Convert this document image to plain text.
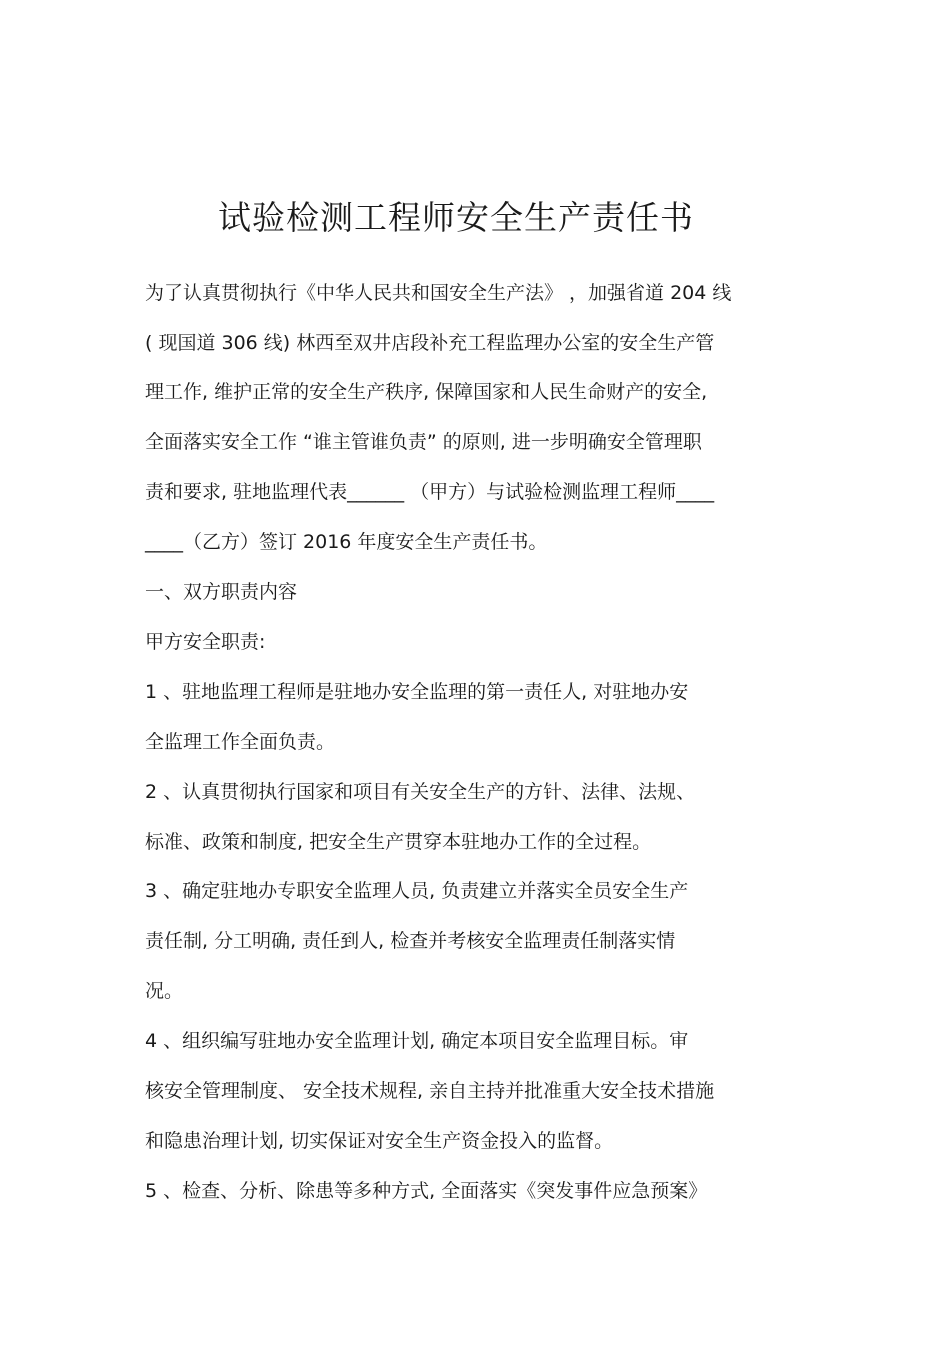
试验检测工程师安全生产责任书
为了认真贯彻执行《中华人民共和国安全生产法》 ，加强省道 204 线
( 现国道 306 线) 林西至双井店段补充工程监理办公室的安全生产管
理工作, 维护正常的安全生产秩序, 保障国家和人民生命财产的安全,
全面落实安全工作 “谁主管谁负责” 的原则, 进一步明确安全管理职
责和要求, 驻地监理代表______ （甲方）与试验检测监理工程师____
____（乙方）签订 2016 年度安全生产责任书。
一、双方职责内容
甲方安全职责:
1 、驻地监理工程师是驻地办安全监理的第一责任人, 对驻地办安
全监理工作全面负责。
2 、认真贯彻执行国家和项目有关安全生产的方针、法律、法规、
标准、政策和制度, 把安全生产贯穿本驻地办工作的全过程。
3 、确定驻地办专职安全监理人员, 负责建立并落实全员安全生产
责任制, 分工明确, 责任到人, 检查并考核安全监理责任制落实情
况。
4 、组织编写驻地办安全监理计划, 确定本项目安全监理目标。审
核安全管理制度、 安全技术规程, 亲自主持并批准重大安全技术措施
和隐患治理计划, 切实保证对安全生产资金投入的监督。
5 、检查、分析、除患等多种方式, 全面落实《突发事件应急预案》
